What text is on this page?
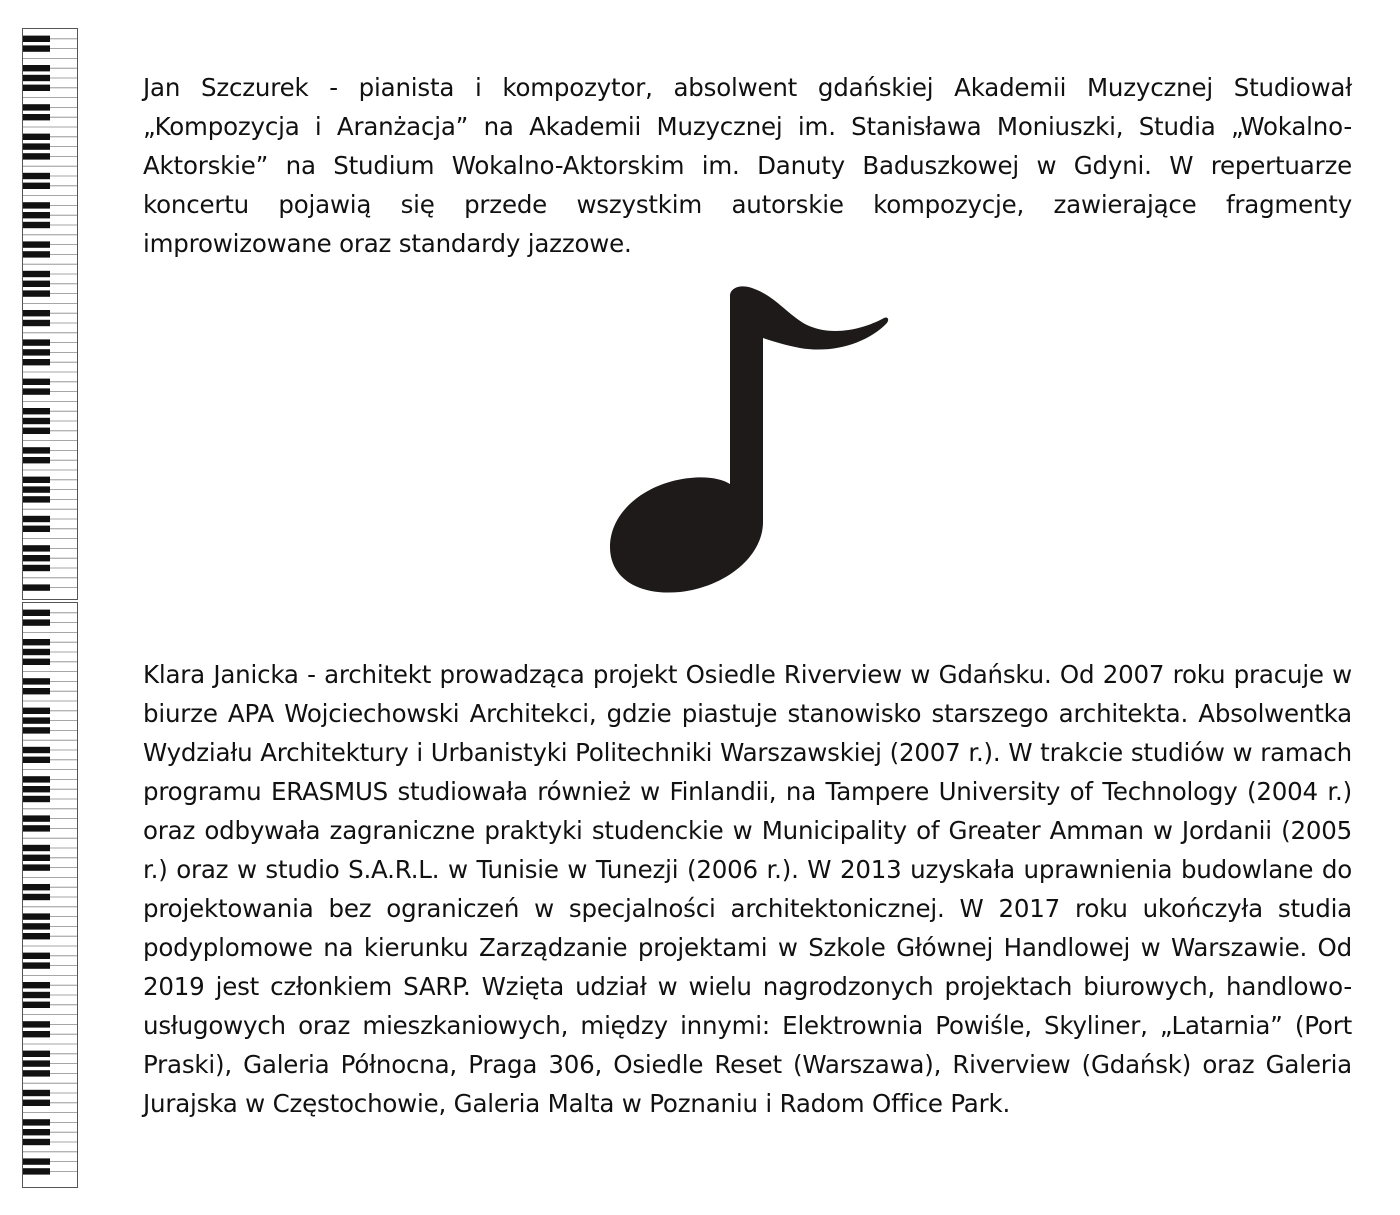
Jan Szczurek - pianista i kompozytor, absolwent gdańskiej Akademii Muzycznej Studiował „Kompozycja i Aranżacja” na Akademii Muzycznej im. Stanisława Moniuszki, Studia „Wokalno-Aktorskie” na Studium Wokalno-Aktorskim im. Danuty Baduszkowej w Gdyni. W repertuarze koncertu pojawią się przede wszystkim autorskie kompozycje, zawierające fragmenty improwizowane oraz standardy jazzowe.

Klara Janicka - architekt prowadząca projekt Osiedle Riverview w Gdańsku. Od 2007 roku pracuje w biurze APA Wojciechowski Architekci, gdzie piastuje stanowisko starszego architekta. Absolwentka Wydziału Architektury i Urbanistyki Politechniki Warszawskiej (2007 r.). W trakcie studiów w ramach programu ERASMUS studiowała również w Finlandii, na Tampere University of Technology (2004 r.) oraz odbywała zagraniczne praktyki studenckie w Municipality of Greater Amman w Jordanii (2005 r.) oraz w studio S.A.R.L. w Tunisie w Tunezji (2006 r.). W 2013 uzyskała uprawnienia budowlane do projektowania bez ograniczeń w specjalności architektonicznej. W 2017 roku ukończyła studia podyplomowe na kierunku Zarządzanie projektami w Szkole Głównej Handlowej w Warszawie. Od 2019 jest członkiem SARP. Wzięta udział w wielu nagrodzonych projektach biurowych, handlowo-usługowych oraz mieszkaniowych, między innymi: Elektrownia Powiśle, Skyliner, „Latarnia” (Port Praski), Galeria Północna, Praga 306, Osiedle Reset (Warszawa), Riverview (Gdańsk) oraz Galeria Jurajska w Częstochowie, Galeria Malta w Poznaniu i Radom Office Park.
